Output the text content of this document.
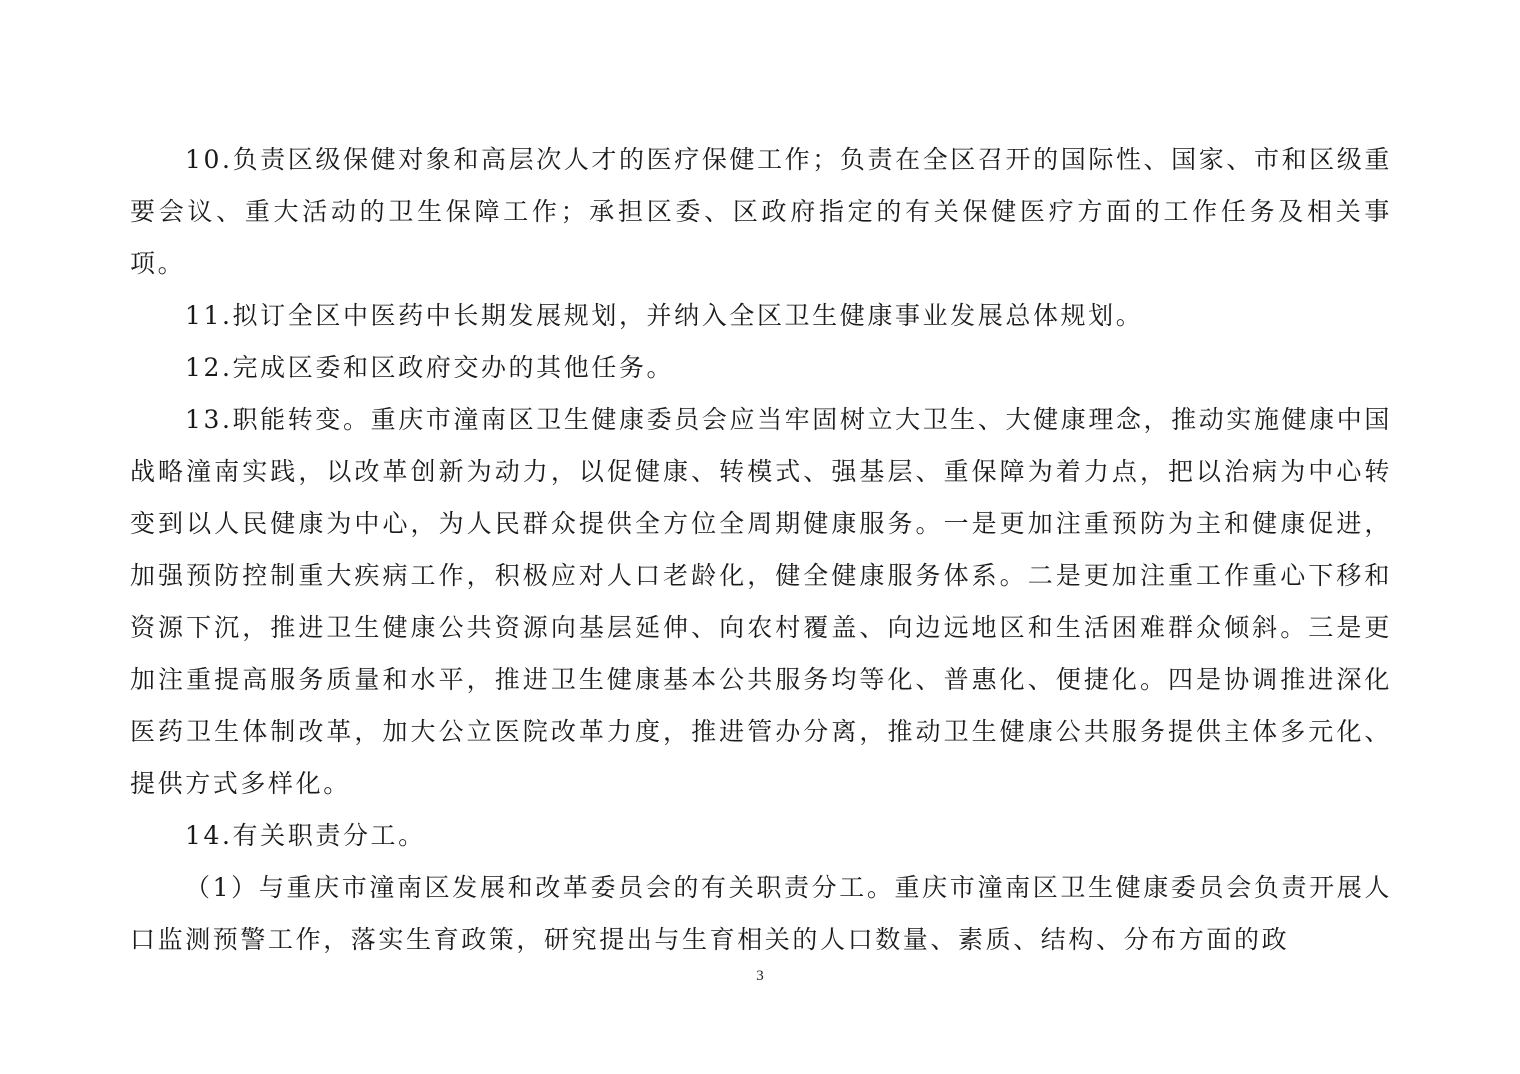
10.负责区级保健对象和高层次人才的医疗保健工作；负责在全区召开的国际性、国家、市和区级重要会议、重大活动的卫生保障工作；承担区委、区政府指定的有关保健医疗方面的工作任务及相关事项。

11.拟订全区中医药中长期发展规划，并纳入全区卫生健康事业发展总体规划。

12.完成区委和区政府交办的其他任务。

13.职能转变。重庆市潼南区卫生健康委员会应当牢固树立大卫生、大健康理念，推动实施健康中国战略潼南实践，以改革创新为动力，以促健康、转模式、强基层、重保障为着力点，把以治病为中心转变到以人民健康为中心，为人民群众提供全方位全周期健康服务。一是更加注重预防为主和健康促进，加强预防控制重大疾病工作，积极应对人口老龄化，健全健康服务体系。二是更加注重工作重心下移和资源下沉，推进卫生健康公共资源向基层延伸、向农村覆盖、向边远地区和生活困难群众倾斜。三是更加注重提高服务质量和水平，推进卫生健康基本公共服务均等化、普惠化、便捷化。四是协调推进深化医药卫生体制改革，加大公立医院改革力度，推进管办分离，推动卫生健康公共服务提供主体多元化、提供方式多样化。

14.有关职责分工。

（1）与重庆市潼南区发展和改革委员会的有关职责分工。重庆市潼南区卫生健康委员会负责开展人口监测预警工作，落实生育政策，研究提出与生育相关的人口数量、素质、结构、分布方面的政

3
